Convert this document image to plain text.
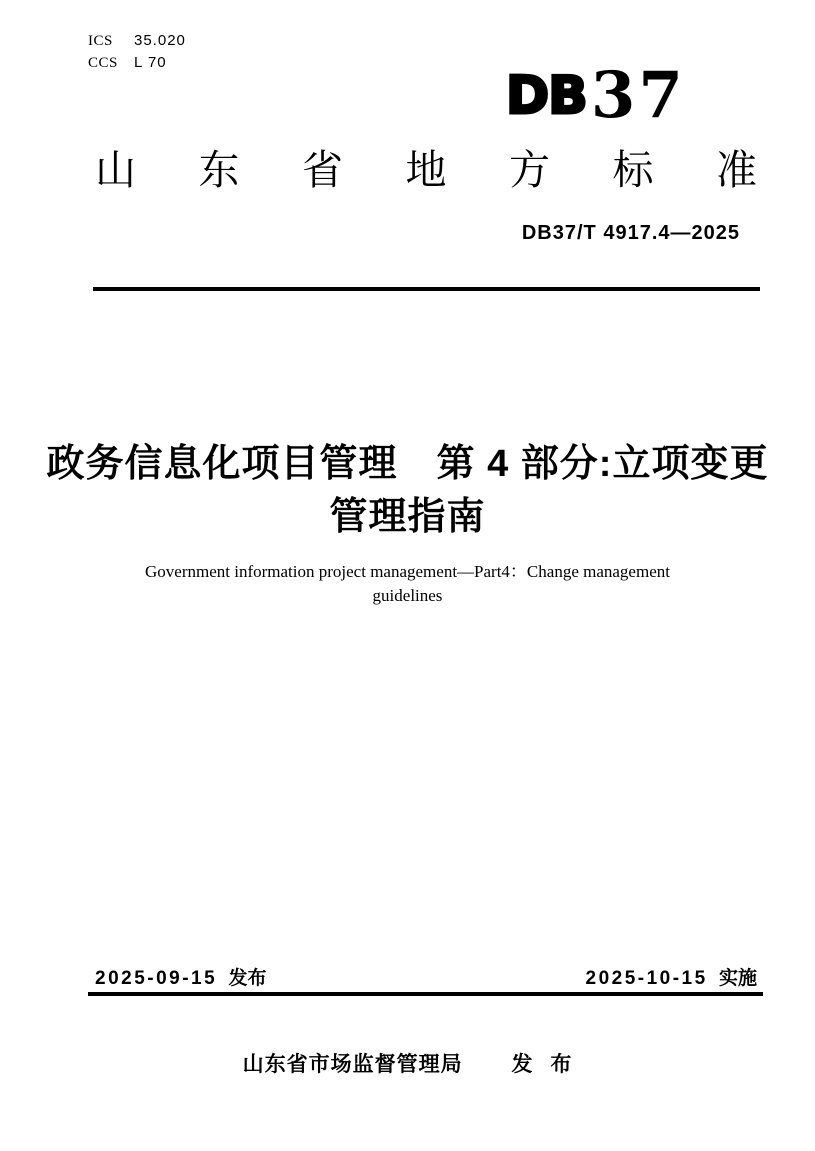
ICS	35.020
CCS L 70
DB 37
山 东 省 地 方 标 准
DB37/T 4917.4—2025
政务信息化项目管理　第 4 部分:立项变更
管理指南
Government information project management—Part4：Change management
guidelines
2025-09-15 发布	2025-10-15 实施
山东省市场监督管理局 发 布
